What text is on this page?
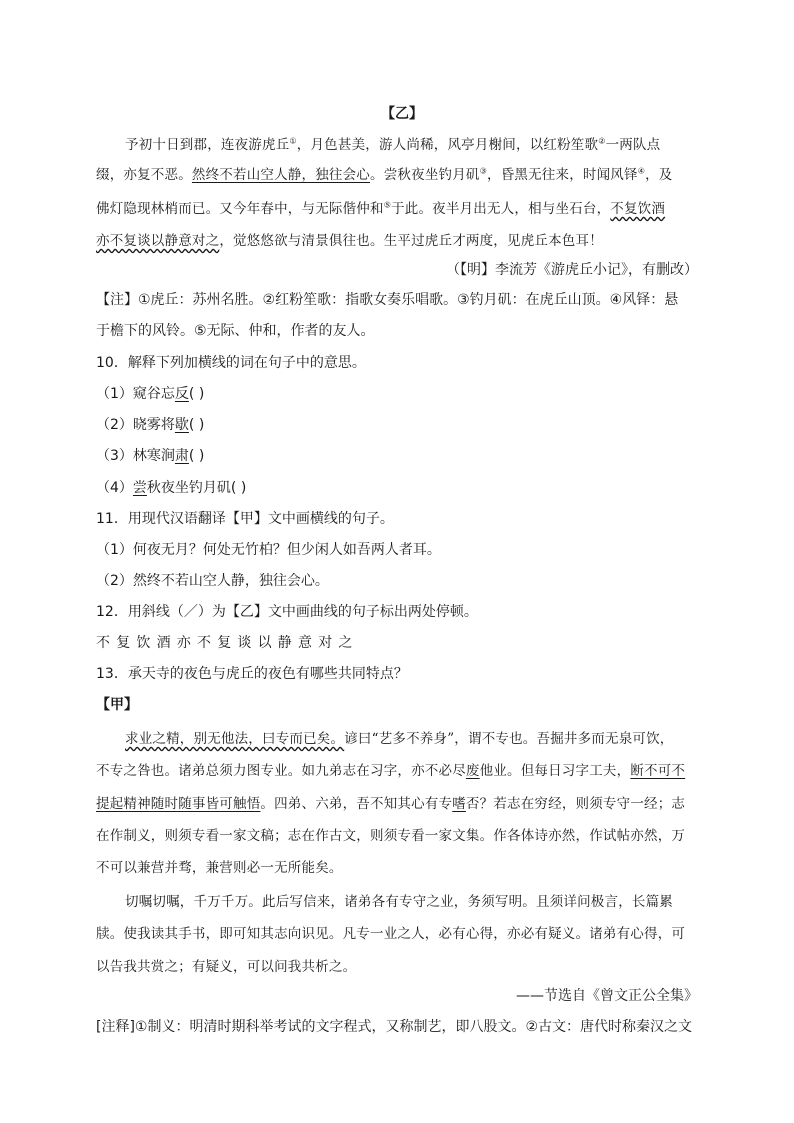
【乙】
予初十日到郡，连夜游虎丘①，月色甚美，游人尚稀，风亭月榭间，以红粉笙歌②一两队点
缀，亦复不恶。然终不若山空人静，独往会心。尝秋夜坐钓月矶③，昏黑无往来，时闻风铎④，及
佛灯隐现林梢而已。又今年春中，与无际偕仲和⑤于此。夜半月出无人，相与坐石台，不复饮酒
亦不复谈以静意对之，觉悠悠欲与清景俱往也。生平过虎丘才两度，见虎丘本色耳！
（【明】李流芳《游虎丘小记》，有删改）
【注】①虎丘：苏州名胜。②红粉笙歌：指歌女奏乐唱歌。③钓月矶：在虎丘山顶。④风铎：悬
于檐下的风铃。⑤无际、仲和，作者的友人。
10．解释下列加横线的词在句子中的意思。
（1）窥谷忘反( )
（2）晓雾将歇( )
（3）林寒涧肃( )
（4）尝秋夜坐钓月矶( )
11．用现代汉语翻译【甲】文中画横线的句子。
（1）何夜无月？何处无竹柏？但少闲人如吾两人者耳。
（2）然终不若山空人静，独往会心。
12．用斜线（／）为【乙】文中画曲线的句子标出两处停顿。
不复饮酒亦不复谈以静意对之
13．承天寺的夜色与虎丘的夜色有哪些共同特点？
【甲】
求业之精，别无他法，曰专而已矣。谚曰“艺多不养身”，谓不专也。吾掘井多而无泉可饮，
不专之咎也。诸弟总须力图专业。如九弟志在习字，亦不必尽废他业。但每日习字工夫，断不可不
提起精神随时随事皆可触悟。四弟、六弟，吾不知其心有专嗜否？若志在穷经，则须专守一经；志
在作制义，则须专看一家文稿；志在作古文，则须专看一家文集。作各体诗亦然，作试帖亦然，万
不可以兼营并骛，兼营则必一无所能矣。
切嘱切嘱，千万千万。此后写信来，诸弟各有专守之业，务须写明。且须详问极言，长篇累
牍。使我读其手书，即可知其志向识见。凡专一业之人，必有心得，亦必有疑义。诸弟有心得，可
以告我共赏之；有疑义，可以问我共析之。
——节选自《曾文正公全集》
[注释]①制义：明清时期科举考试的文字程式，又称制艺，即八股文。②古文：唐代时称秦汉之文
